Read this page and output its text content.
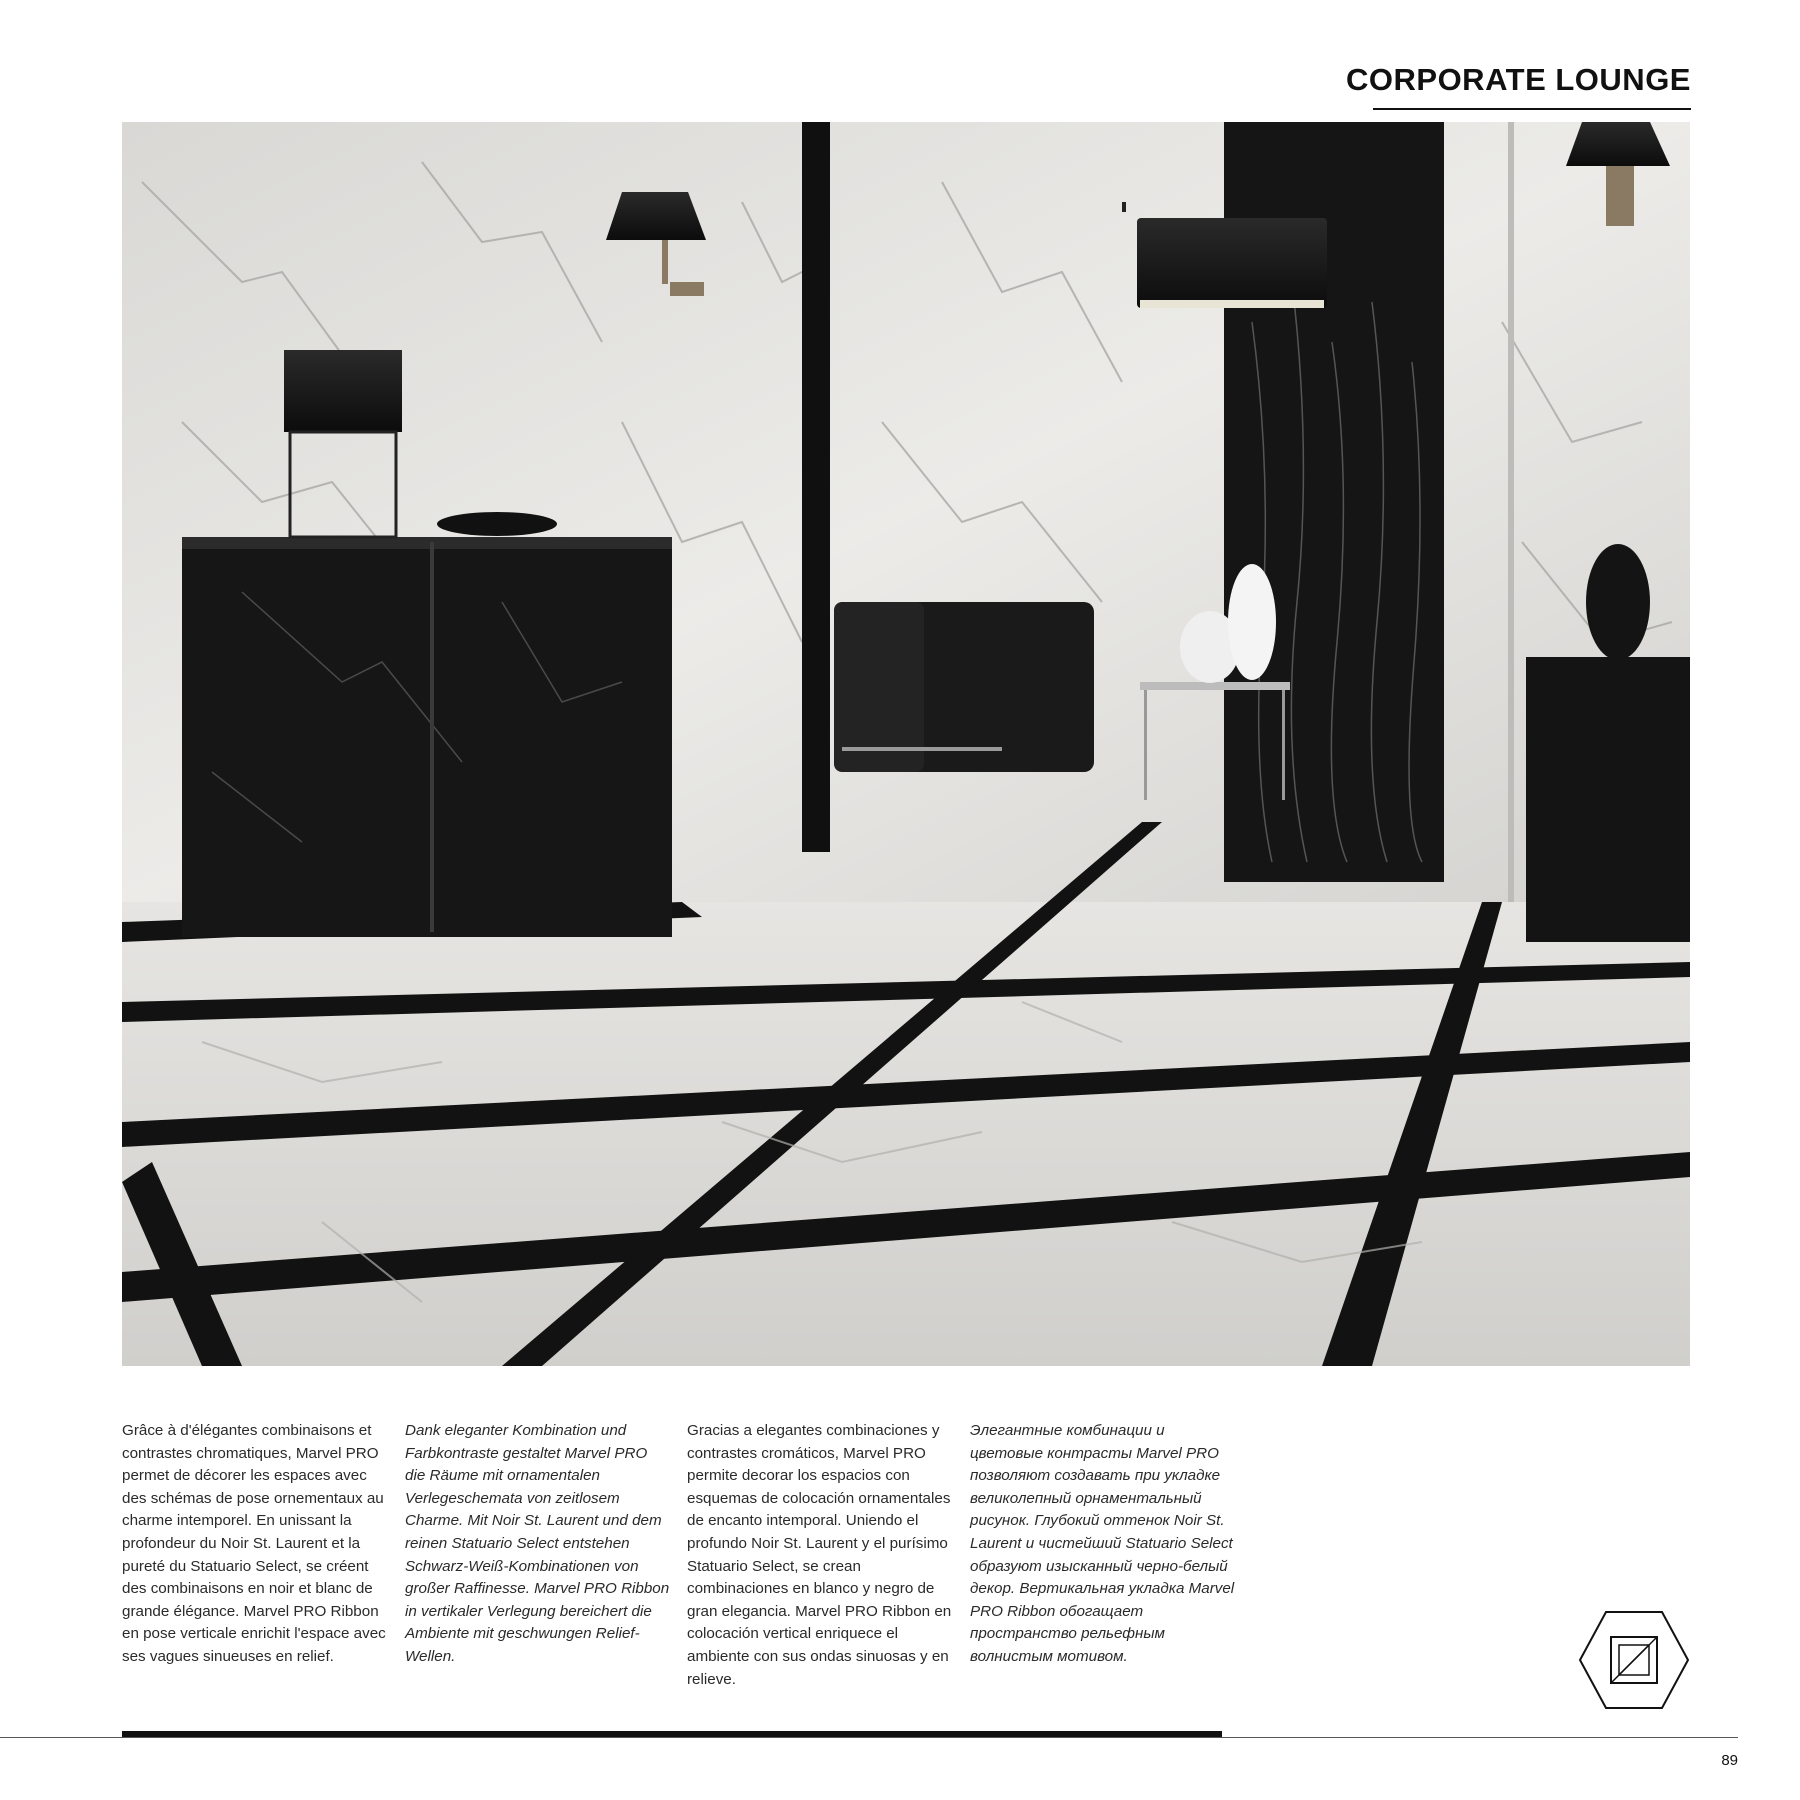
CORPORATE LOUNGE
Grâce à d'élégantes combinaisons et contrastes chromatiques, Marvel PRO permet de décorer les espaces avec des schémas de pose ornementaux au charme intemporel. En unissant la profondeur du Noir St. Laurent et la pureté du Statuario Select, se créent des combinaisons en noir et blanc de grande élégance. Marvel PRO Ribbon en pose verticale enrichit l'espace avec ses vagues sinueuses en relief.
Dank eleganter Kombination und Farbkontraste gestaltet Marvel PRO die Räume mit ornamentalen Verlegeschemata von zeitlosem Charme. Mit Noir St. Laurent und dem reinen Statuario Select entstehen Schwarz-Weiß-Kombinationen von großer Raffinesse. Marvel PRO Ribbon in vertikaler Verlegung bereichert die Ambiente mit geschwungen Relief-Wellen.
Gracias a elegantes combinaciones y contrastes cromáticos, Marvel PRO permite decorar los espacios con esquemas de colocación ornamentales de encanto intemporal. Uniendo el profundo Noir St. Laurent y el purísimo Statuario Select, se crean combinaciones en blanco y negro de gran elegancia. Marvel PRO Ribbon en colocación vertical enriquece el ambiente con sus ondas sinuosas y en relieve.
Элегантные комбинации и цветовые контрасты Marvel PRO позволяют создавать при укладке великолепный орнаментальный рисунок. Глубокий оттенок Noir St. Laurent и чистейший Statuario Select образуют изысканный черно-белый декор. Вертикальная укладка Marvel PRO Ribbon обогащает пространство рельефным волнистым мотивом.
89
